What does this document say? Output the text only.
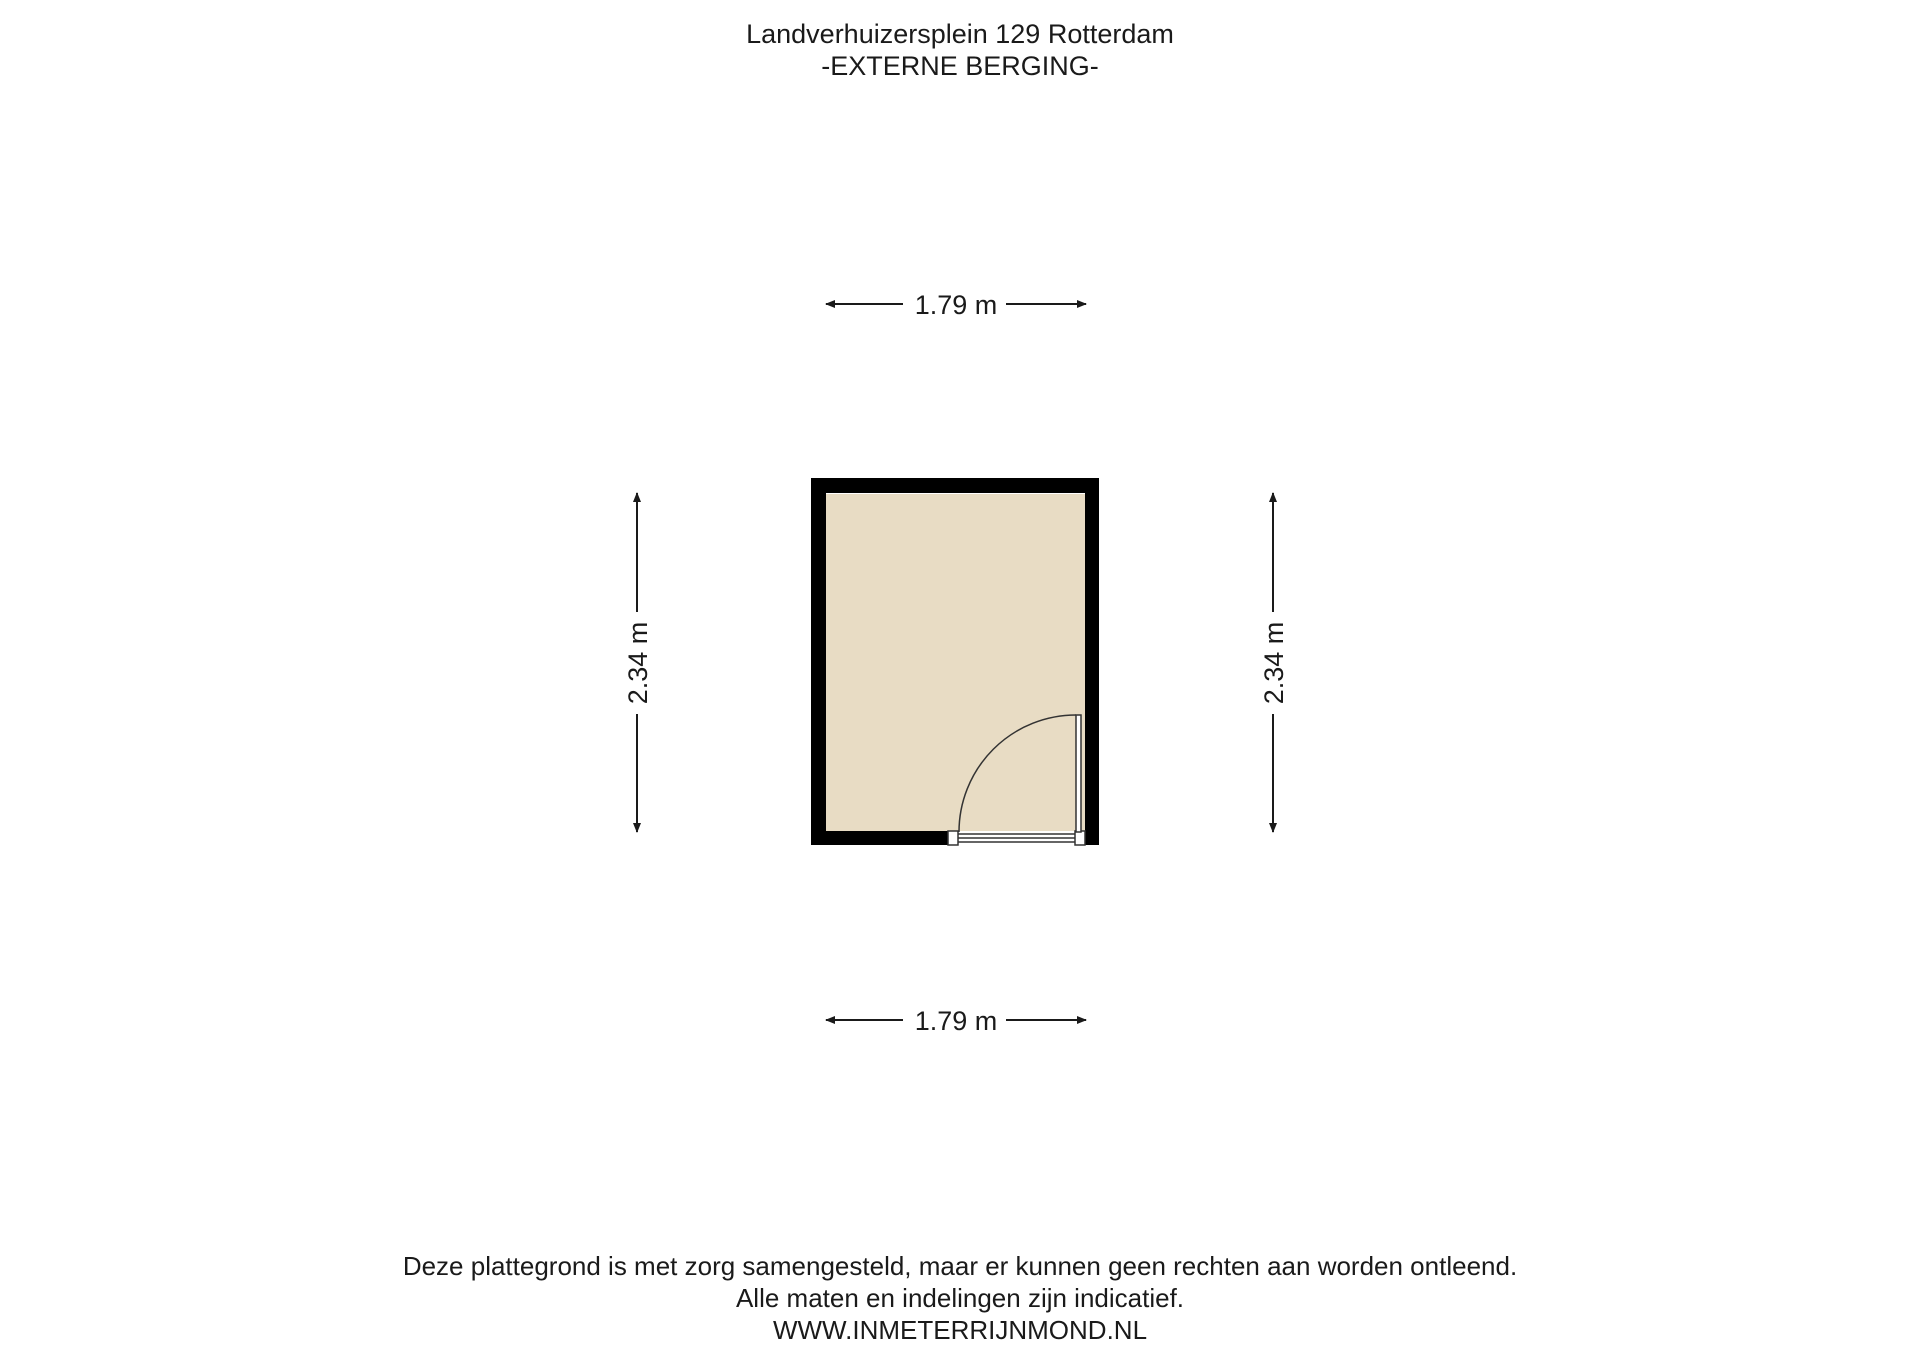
Landverhuizersplein 129 Rotterdam
-EXTERNE BERGING-
1.79 m
1.79 m
2.34 m	2.34 m
Deze plattegrond is met zorg samengesteld, maar er kunnen geen rechten aan worden ontleend.
Alle maten en indelingen zijn indicatief.
WWW.INMETERRIJNMOND.NL
